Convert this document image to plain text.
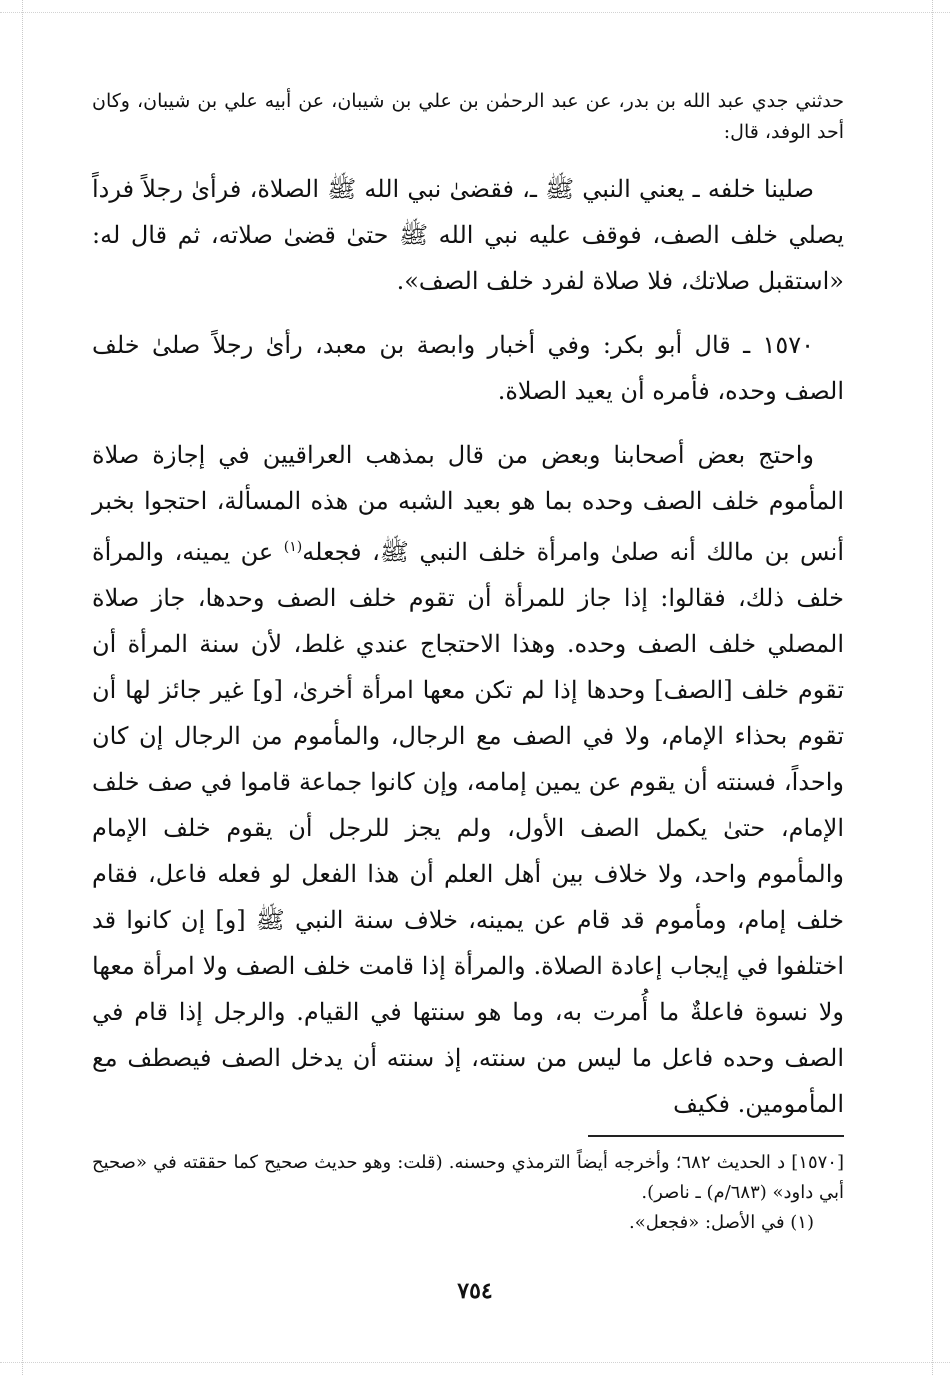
حدثني جدي عبد الله بن بدر، عن عبد الرحمٰن بن علي بن شيبان، عن أبيه علي بن شيبان، وكان أحد الوفد، قال:

صلينا خلفه ـ يعني النبي ﷺ ـ، فقضىٰ نبي الله ﷺ الصلاة، فرأىٰ رجلاً فرداً يصلي خلف الصف، فوقف عليه نبي الله ﷺ حتىٰ قضىٰ صلاته، ثم قال له: «استقبل صلاتك، فلا صلاة لفرد خلف الصف».

١٥٧٠ ـ قال أبو بكر: وفي أخبار وابصة بن معبد، رأىٰ رجلاً صلىٰ خلف الصف وحده، فأمره أن يعيد الصلاة.

واحتج بعض أصحابنا وبعض من قال بمذهب العراقيين في إجازة صلاة المأموم خلف الصف وحده بما هو بعيد الشبه من هذه المسألة، احتجوا بخبر أنس بن مالك أنه صلىٰ وامرأة خلف النبي ﷺ، فجعله$^{(١)}$ عن يمينه، والمرأة خلف ذلك، فقالوا: إذا جاز للمرأة أن تقوم خلف الصف وحدها، جاز صلاة المصلي خلف الصف وحده. وهذا الاحتجاج عندي غلط، لأن سنة المرأة أن تقوم خلف [الصف] وحدها إذا لم تكن معها امرأة أخرىٰ، [و] غير جائز لها أن تقوم بحذاء الإمام، ولا في الصف مع الرجال، والمأموم من الرجال إن كان واحداً، فسنته أن يقوم عن يمين إمامه، وإن كانوا جماعة قاموا في صف خلف الإمام، حتىٰ يكمل الصف الأول، ولم يجز للرجل أن يقوم خلف الإمام والمأموم واحد، ولا خلاف بين أهل العلم أن هذا الفعل لو فعله فاعل، فقام خلف إمام، ومأموم قد قام عن يمينه، خلاف سنة النبي ﷺ [و] إن كانوا قد اختلفوا في إيجاب إعادة الصلاة. والمرأة إذا قامت خلف الصف ولا امرأة معها ولا نسوة فاعلةٌ ما أُمرت به، وما هو سنتها في القيام. والرجل إذا قام في الصف وحده فاعل ما ليس من سنته، إذ سنته أن يدخل الصف فيصطف مع المأمومين. فكيف

[١٥٧٠] د الحديث ٦٨٢؛ وأخرجه أيضاً الترمذي وحسنه. (قلت: وهو حديث صحيح كما حققته في «صحيح أبي داود» (٦٨٣/م) ـ ناصر).

(١) في الأصل: «فجعل».

٧٥٤
